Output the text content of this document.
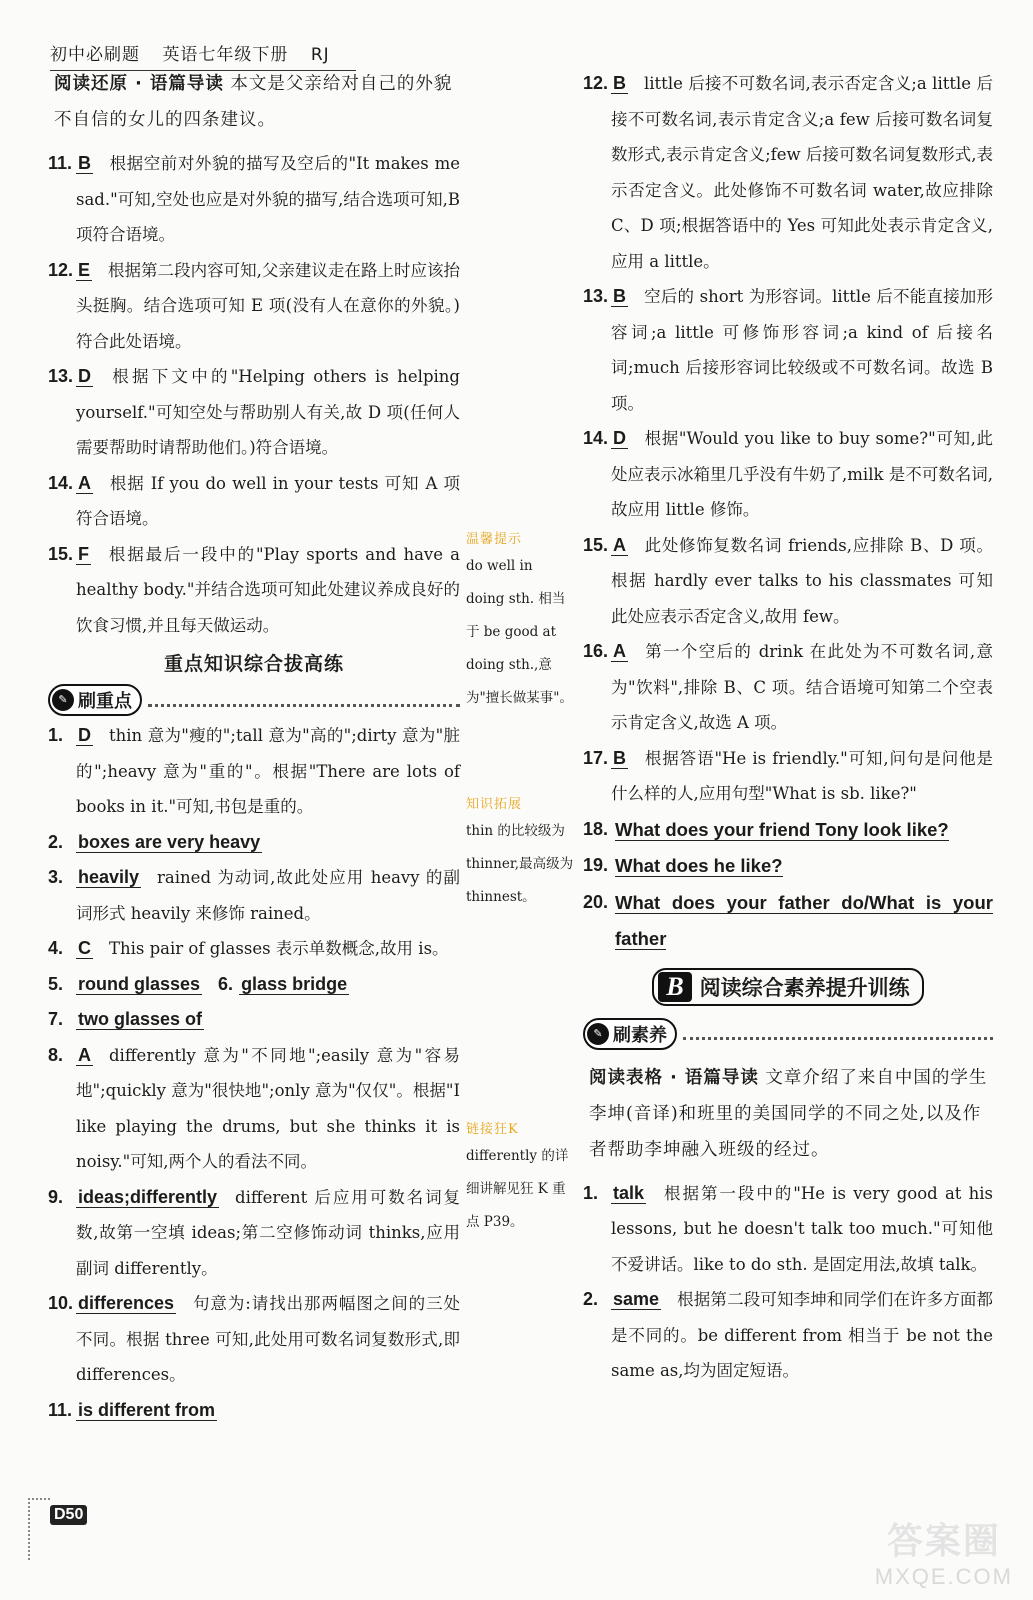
初中必刷题 英语七年级下册 RJ
阅读还原 · 语篇导读 本文是父亲给对自己的外貌不自信的女儿的四条建议。
11. B 根据空前对外貌的描写及空后的"It makes me sad."可知,空处也应是对外貌的描写,结合选项可知,B 项符合语境。
12. E 根据第二段内容可知,父亲建议走在路上时应该抬头挺胸。结合选项可知 E 项(没有人在意你的外貌。)符合此处语境。
13. D 根据下文中的"Helping others is helping yourself."可知空处与帮助别人有关,故 D 项(任何人需要帮助时请帮助他们。)符合语境。
14. A 根据 If you do well in your tests 可知 A 项符合语境。
15. F 根据最后一段中的"Play sports and have a healthy body."并结合选项可知此处建议养成良好的饮食习惯,并且每天做运动。
重点知识综合拔高练
✎ 刷重点
1. D thin 意为"瘦的";tall 意为"高的";dirty 意为"脏的";heavy 意为"重的"。根据"There are lots of books in it."可知,书包是重的。
2. boxes are very heavy
3. heavily rained 为动词,故此处应用 heavy 的副词形式 heavily 来修饰 rained。
4. C This pair of glasses 表示单数概念,故用 is。
5. round glasses 6. glass bridge
7. two glasses of
8. A differently 意为"不同地";easily 意为"容易地";quickly 意为"很快地";only 意为"仅仅"。根据"I like playing the drums, but she thinks it is noisy."可知,两个人的看法不同。
9. ideas;differently different 后应用可数名词复数,故第一空填 ideas;第二空修饰动词 thinks,应用副词 differently。
10. differences 句意为:请找出那两幅图之间的三处不同。根据 three 可知,此处用可数名词复数形式,即 differences。
11. is different from
温馨提示
do well in doing sth. 相当于 be good at doing sth.,意为"擅长做某事"。
知识拓展
thin 的比较级为 thinner,最高级为 thinnest。
链接狂K
differently 的详细讲解见狂 K 重点 P39。
12. B little 后接不可数名词,表示否定含义;a little 后接不可数名词,表示肯定含义;a few 后接可数名词复数形式,表示肯定含义;few 后接可数名词复数形式,表示否定含义。此处修饰不可数名词 water,故应排除 C、D 项;根据答语中的 Yes 可知此处表示肯定含义,应用 a little。
13. B 空后的 short 为形容词。little 后不能直接加形容词;a little 可修饰形容词;a kind of 后接名词;much 后接形容词比较级或不可数名词。故选 B 项。
14. D 根据"Would you like to buy some?"可知,此处应表示冰箱里几乎没有牛奶了,milk 是不可数名词,故应用 little 修饰。
15. A 此处修饰复数名词 friends,应排除 B、D 项。根据 hardly ever talks to his classmates 可知此处应表示否定含义,故用 few。
16. A 第一个空后的 drink 在此处为不可数名词,意为"饮料",排除 B、C 项。结合语境可知第二个空表示肯定含义,故选 A 项。
17. B 根据答语"He is friendly."可知,问句是问他是什么样的人,应用句型"What is sb. like?"
18. What does your friend Tony look like?
19. What does he like?
20. What does your father do/What is your father
B 阅读综合素养提升训练
✎ 刷素养
阅读表格 · 语篇导读 文章介绍了来自中国的学生李坤(音译)和班里的美国同学的不同之处,以及作者帮助李坤融入班级的经过。
1. talk 根据第一段中的"He is very good at his lessons, but he doesn't talk too much."可知他不爱讲话。like to do sth. 是固定用法,故填 talk。
2. same 根据第二段可知李坤和同学们在许多方面都是不同的。be different from 相当于 be not the same as,均为固定短语。
D50
答案圈
MXQE.COM
